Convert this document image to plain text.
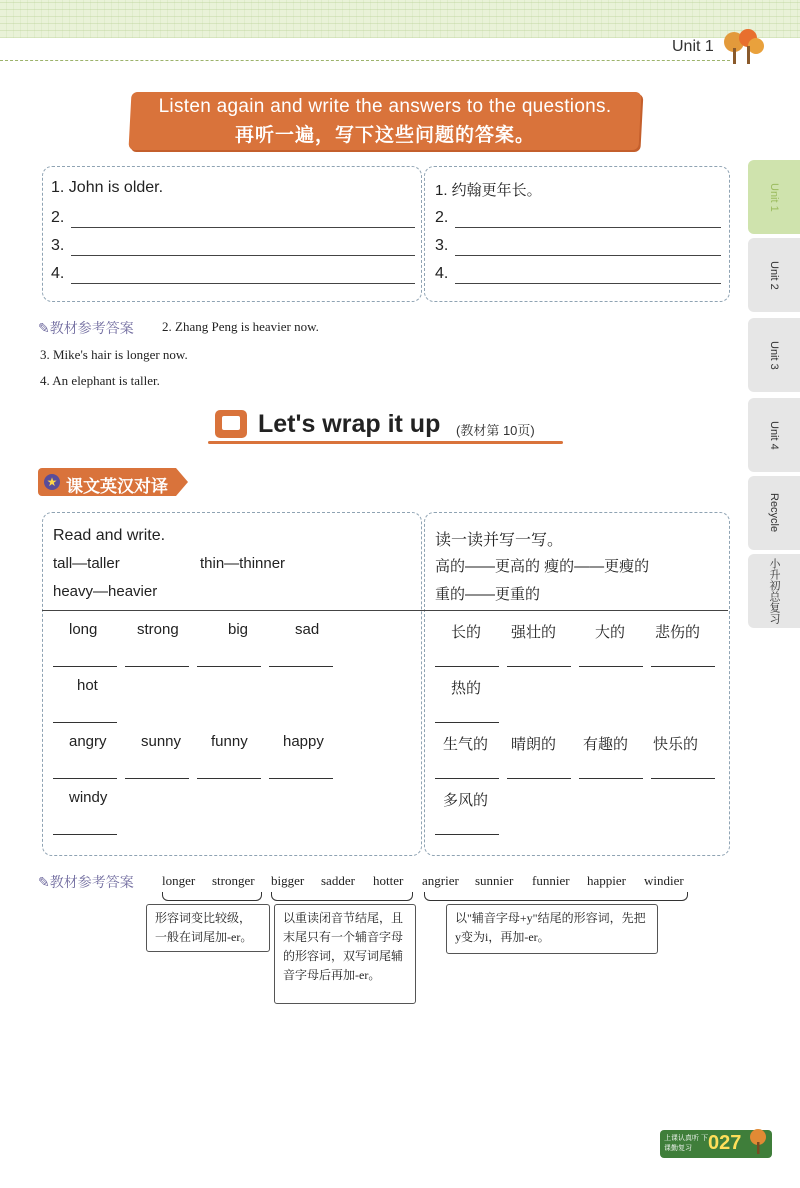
Unit 1
Listen again and write the answers to the questions.
再听一遍，写下这些问题的答案。
1. John is older.
2.
3.
4.
1. 约翰更年长。
2.
3.
4.
✎教材参考答案 2. Zhang Peng is heavier now.
3. Mike's hair is longer now.
4. An elephant is taller.
Let's wrap it up (教材第 10页)
★ 课文英汉对译
Read and write.
tall—taller	thin—thinner
heavy—heavier
long	strong	big	sad
hot
angry sunny funny happy
windy
读一读并写一写。
高的——更高的 瘦的——更瘦的
重的——更重的
长的 强壮的	大的 悲伤的
热的
生气的 晴朗的 有趣的 快乐的
多风的
✎教材参考答案 longer stronger bigger sadder hotter angrier sunnier funnier happier windier
形容词变比较级，一般在词尾加-er。
以重读闭音节结尾，且末尾只有一个辅音字母的形容词，双写词尾辅音字母后再加-er。
以"辅音字母+y"结尾的形容词，先把y变为i，再加-er。
Unit 1
Unit 2
Unit 3
Unit 4
Recycle
小升初总复习
上课认真听 下课勤复习 027
